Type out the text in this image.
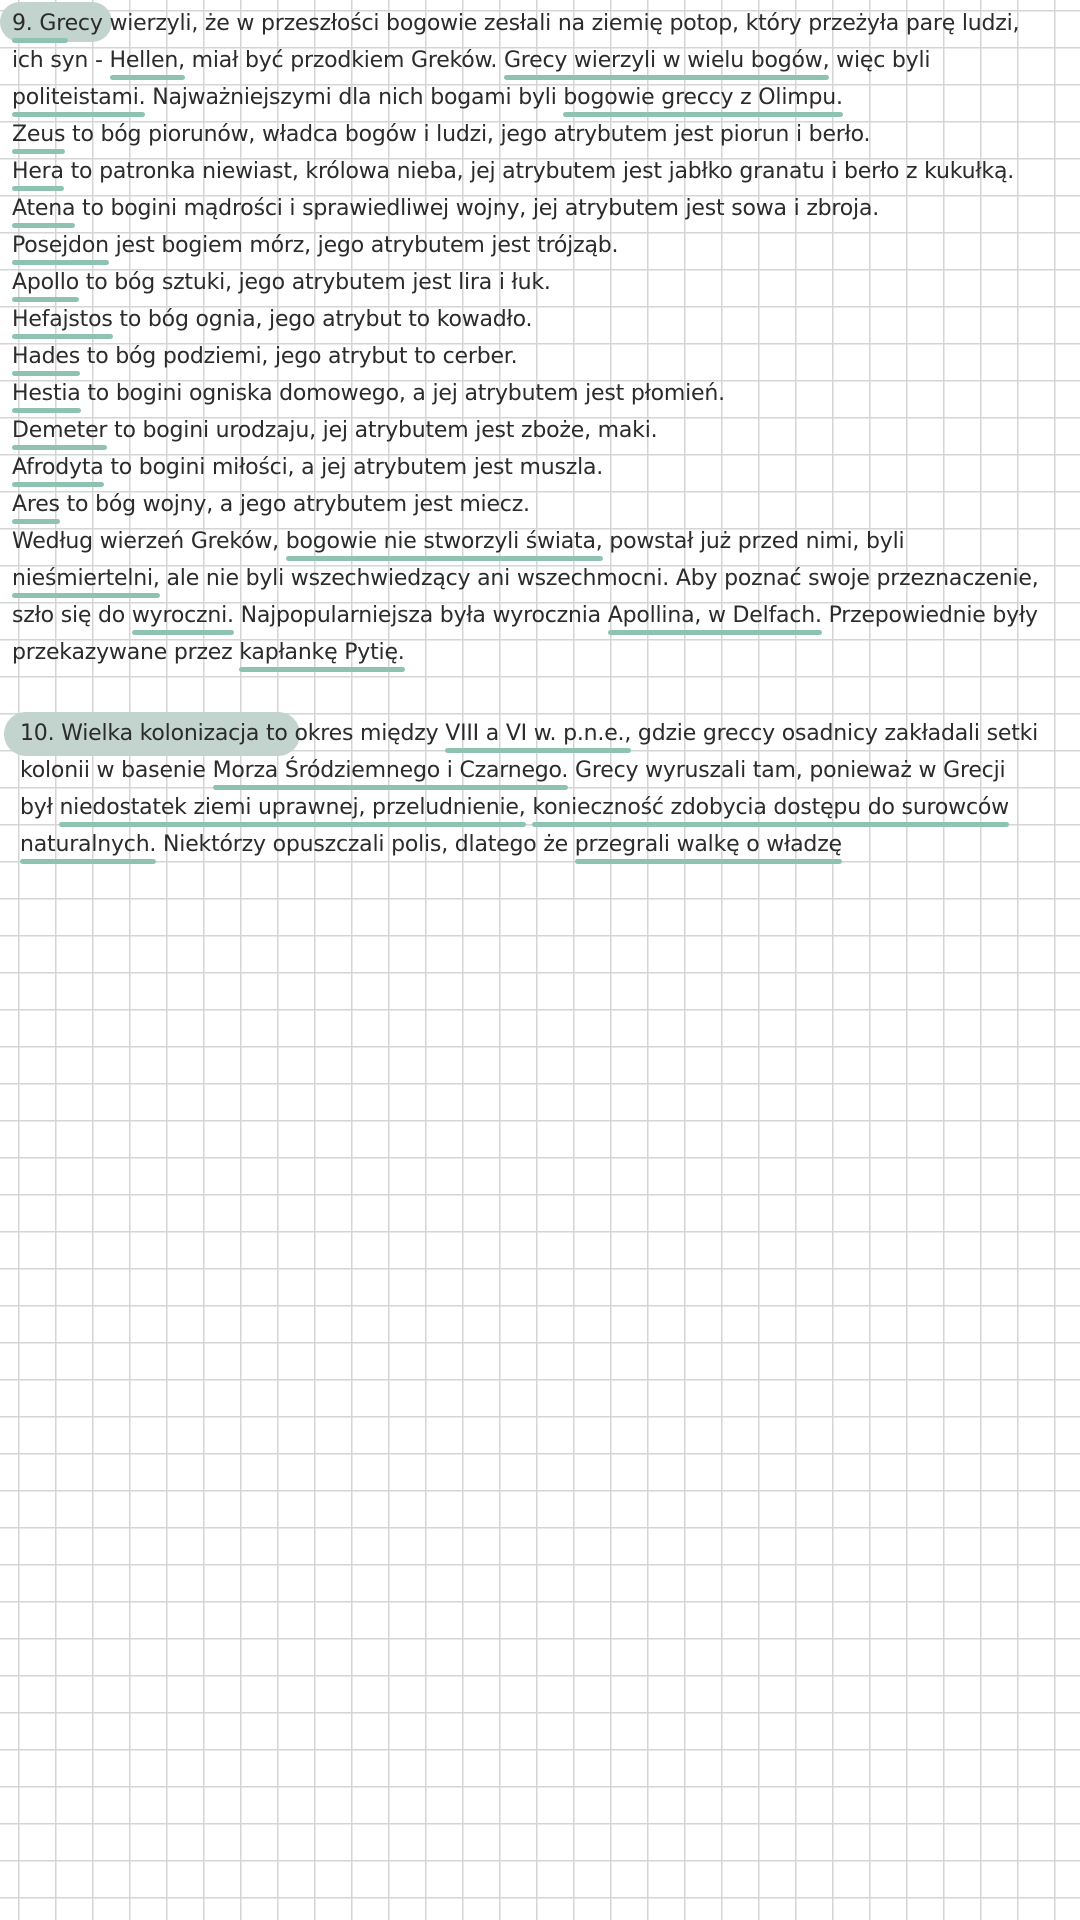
9. Grecy wierzyli, że w przeszłości bogowie zesłali na ziemię potop, który przeżyła parę ludzi,
ich syn - Hellen, miał być przodkiem Greków. Grecy wierzyli w wielu bogów, więc byli
politeistami. Najważniejszymi dla nich bogami byli bogowie greccy z Olimpu.
Zeus to bóg piorunów, władca bogów i ludzi, jego atrybutem jest piorun i berło.
Hera to patronka niewiast, królowa nieba, jej atrybutem jest jabłko granatu i berło z kukułką.
Atena to bogini mądrości i sprawiedliwej wojny, jej atrybutem jest sowa i zbroja.
Posejdon jest bogiem mórz, jego atrybutem jest trójząb.
Apollo to bóg sztuki, jego atrybutem jest lira i łuk.
Hefajstos to bóg ognia, jego atrybut to kowadło.
Hades to bóg podziemi, jego atrybut to cerber.
Hestia to bogini ogniska domowego, a jej atrybutem jest płomień.
Demeter to bogini urodzaju, jej atrybutem jest zboże, maki.
Afrodyta to bogini miłości, a jej atrybutem jest muszla.
Ares to bóg wojny, a jego atrybutem jest miecz.
Według wierzeń Greków, bogowie nie stworzyli świata, powstał już przed nimi, byli
nieśmiertelni, ale nie byli wszechwiedzący ani wszechmocni. Aby poznać swoje przeznaczenie,
szło się do wyroczni. Najpopularniejsza była wyrocznia Apollina, w Delfach. Przepowiednie były
przekazywane przez kapłankę Pytię.
10. Wielka kolonizacja to okres między VIII a VI w. p.n.e., gdzie greccy osadnicy zakładali setki
kolonii w basenie Morza Śródziemnego i Czarnego. Grecy wyruszali tam, ponieważ w Grecji
był niedostatek ziemi uprawnej, przeludnienie, konieczność zdobycia dostępu do surowców
naturalnych. Niektórzy opuszczali polis, dlatego że przegrali walkę o władzę
